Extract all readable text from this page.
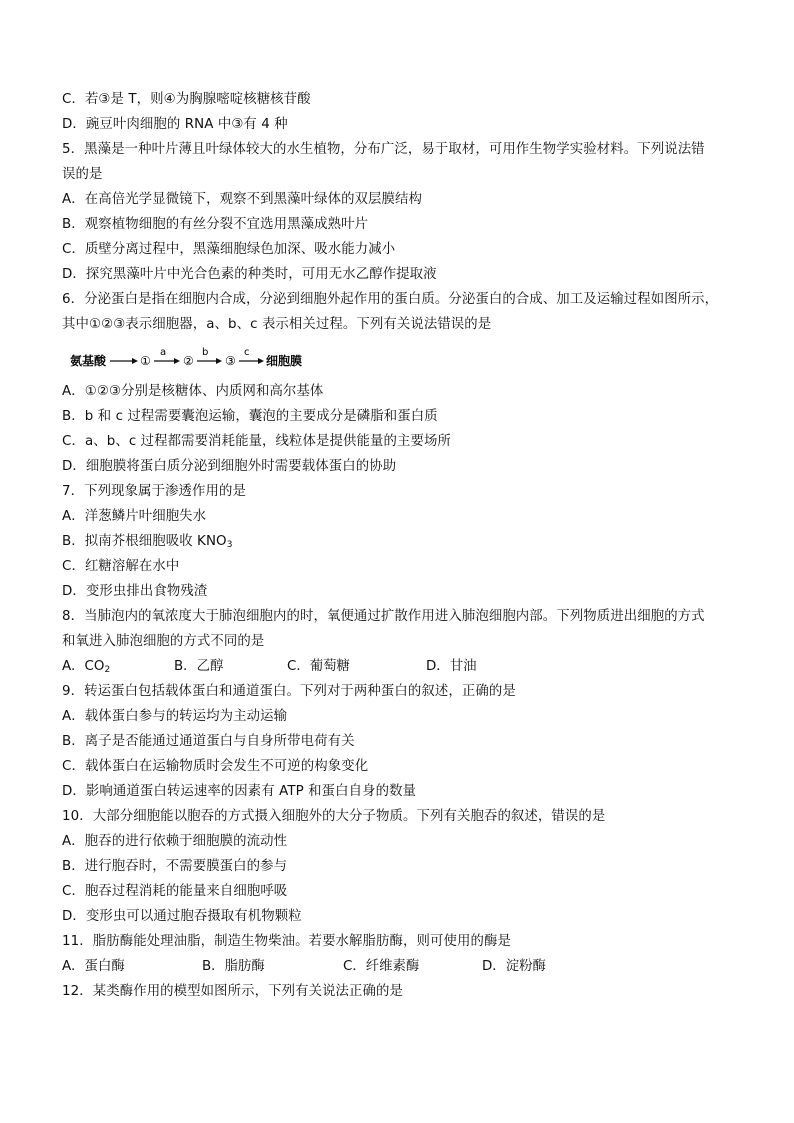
C．若③是 T，则④为胸腺嘧啶核糖核苷酸
D．豌豆叶肉细胞的 RNA 中③有 4 种
5．黑藻是一种叶片薄且叶绿体较大的水生植物，分布广泛，易于取材，可用作生物学实验材料。下列说法错
误的是
A．在高倍光学显微镜下，观察不到黑藻叶绿体的双层膜结构
B．观察植物细胞的有丝分裂不宜选用黑藻成熟叶片
C．质壁分离过程中，黑藻细胞绿色加深、吸水能力减小
D．探究黑藻叶片中光合色素的种类时，可用无水乙醇作提取液
6．分泌蛋白是指在细胞内合成，分泌到细胞外起作用的蛋白质。分泌蛋白的合成、加工及运输过程如图所示，
其中①②③表示细胞器，a、b、c 表示相关过程。下列有关说法错误的是
氨基酸	①
a
②
b
③
c
细胞膜
A．①②③分别是核糖体、内质网和高尔基体
B．b 和 c 过程需要囊泡运输，囊泡的主要成分是磷脂和蛋白质
C．a、b、c 过程都需要消耗能量，线粒体是提供能量的主要场所
D．细胞膜将蛋白质分泌到细胞外时需要载体蛋白的协助
7．下列现象属于渗透作用的是
A．洋葱鳞片叶细胞失水
B．拟南芥根细胞吸收 $KNO_3$
C．红糖溶解在水中
D．变形虫排出食物残渣
8．当肺泡内的氧浓度大于肺泡细胞内的时，氧便通过扩散作用进入肺泡细胞内部。下列物质进出细胞的方式
和氧进入肺泡细胞的方式不同的是
A．$CO_2$	B．乙醇	C．葡萄糖	D．甘油
9．转运蛋白包括载体蛋白和通道蛋白。下列对于两种蛋白的叙述，正确的是
A．载体蛋白参与的转运均为主动运输
B．离子是否能通过通道蛋白与自身所带电荷有关
C．载体蛋白在运输物质时会发生不可逆的构象变化
D．影响通道蛋白转运速率的因素有 ATP 和蛋白自身的数量
10．大部分细胞能以胞吞的方式摄入细胞外的大分子物质。下列有关胞吞的叙述，错误的是
A．胞吞的进行依赖于细胞膜的流动性
B．进行胞吞时，不需要膜蛋白的参与
C．胞吞过程消耗的能量来自细胞呼吸
D．变形虫可以通过胞吞摄取有机物颗粒
11．脂肪酶能处理油脂，制造生物柴油。若要水解脂肪酶，则可使用的酶是
A．蛋白酶	B．脂肪酶	C．纤维素酶	D．淀粉酶
12．某类酶作用的模型如图所示，下列有关说法正确的是
